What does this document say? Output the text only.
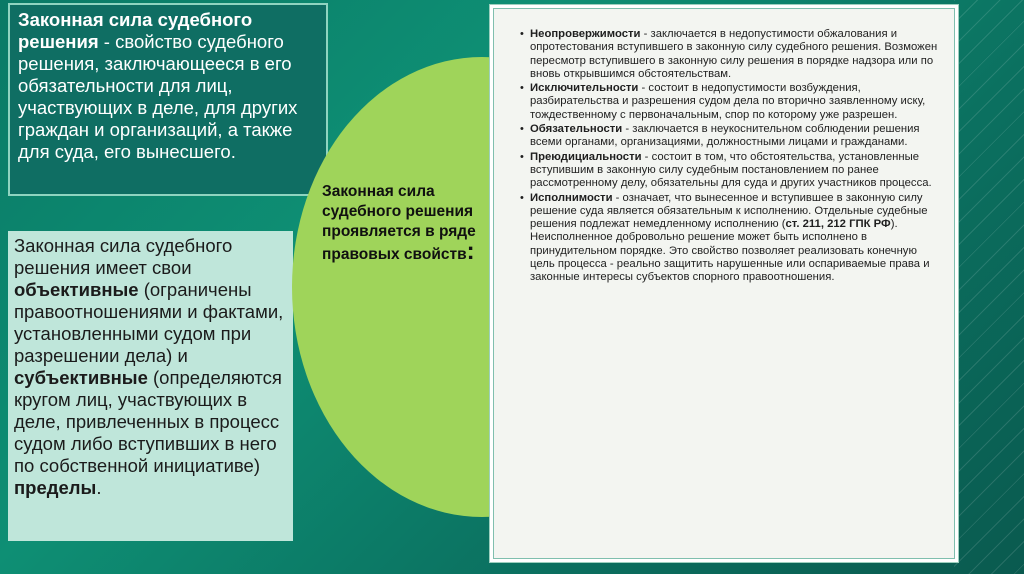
Законная сила судебного решения - свойство судебного решения, заключающееся в его обязательности для лиц, участвующих в деле, для других граждан и организаций, а также для суда, его вынесшего.
Законная сила судебного решения имеет свои объективные (ограничены правоотношениями и фактами, установленными судом при разрешении дела) и субъективные (определяются кругом лиц, участвующих в деле, привлеченных в процесс судом либо вступивших в него по собственной инициативе) пределы.
Законная сила судебного решения проявляется в ряде правовых свойств:
• Неопровержимости - заключается в недопустимости обжалования и опротестования вступившего в законную силу судебного решения. Возможен пересмотр вступившего в законную силу решения в порядке надзора или по вновь открывшимся обстоятельствам.
• Исключительности - состоит в недопустимости возбуждения, разбирательства и разрешения судом дела по вторично заявленному иску, тождественному с первоначальным, спор по которому уже разрешен.
• Обязательности - заключается в неукоснительном соблюдении решения всеми органами, организациями, должностными лицами и гражданами.
• Преюдициальности - состоит в том, что обстоятельства, установленные вступившим в законную силу судебным постановлением по ранее рассмотренному делу, обязательны для суда и других участников процесса.
• Исполнимости - означает, что вынесенное и вступившее в законную силу решение суда является обязательным к исполнению. Отдельные судебные решения подлежат немедленному исполнению (ст. 211, 212 ГПК РФ). Неисполненное добровольно решение может быть исполнено в принудительном порядке. Это свойство позволяет реализовать конечную цель процесса - реально защитить нарушенные или оспариваемые права и законные интересы субъектов спорного правоотношения.
